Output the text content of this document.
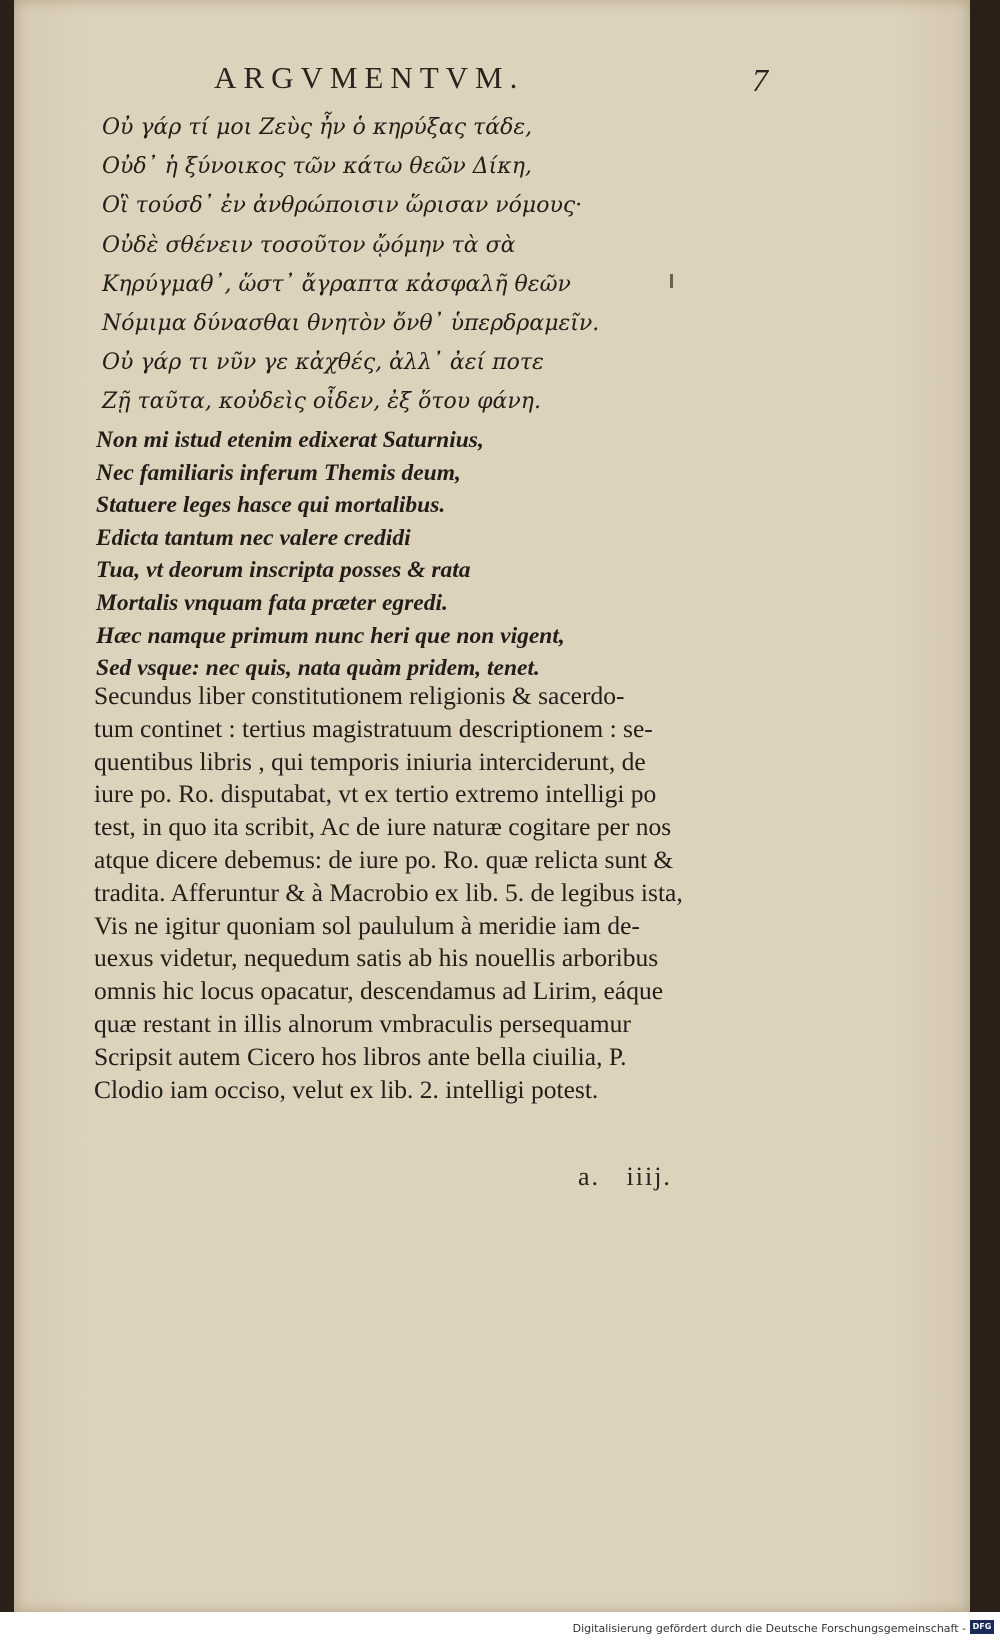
ARGVMENTVM.	7
Οὐ γάρ τί μοι Ζεὺς ἦν ὁ κηρύξας τάδε,
Οὐδ᾽ ἡ ξύνοικος τῶν κάτω θεῶν Δίκη,
Οἳ τούσδ᾽ ἐν ἀνθρώποισιν ὥρισαν νόμους·
Οὐδὲ σθένειν τοσοῦτον ᾤόμην τὰ σὰ
Κηρύγμαθ᾽, ὥστ᾽ ἄγραπτα κἀσφαλῆ θεῶν
Νόμιμα δύνασθαι θνητὸν ὄνθ᾽ ὑπερδραμεῖν.
Οὐ γάρ τι νῦν γε κἀχθές, ἀλλ᾽ ἀεί ποτε
Ζῇ ταῦτα, κοὐδεὶς οἶδεν, ἐξ ὅτου φάνη.
Non mi istud etenim edixerat Saturnius,
Nec familiaris inferum Themis deum,
Statuere leges hasce qui mortalibus.
Edicta tantum nec valere credidi
Tua, vt deorum inscripta posses & rata
Mortalis vnquam fata præter egredi.
Hæc namque primum nunc heri que non vigent,
Sed vsque: nec quis, nata quàm pridem, tenet.
Secundus liber constitutionem religionis & sacerdo-
tum continet : tertius magistratuum descriptionem : se-
quentibus libris , qui temporis iniuria interciderunt, de
iure po. Ro. disputabat, vt ex tertio extremo intelligi po
test, in quo ita scribit, Ac de iure naturæ cogitare per nos
atque dicere debemus: de iure po. Ro. quæ relicta sunt &
tradita. Afferuntur & à Macrobio ex lib. 5. de legibus ista,
Vis ne igitur quoniam sol paululum à meridie iam de-
uexus videtur, nequedum satis ab his nouellis arboribus
omnis hic locus opacatur, descendamus ad Lirim, eáque
quæ restant in illis alnorum vmbraculis persequamur
Scripsit autem Cicero hos libros ante bella ciuilia, P.
Clodio iam occiso, velut ex lib. 2. intelligi potest.
a. iiij.
Digitalisierung gefördert durch die Deutsche Forschungsgemeinschaft - DFG
